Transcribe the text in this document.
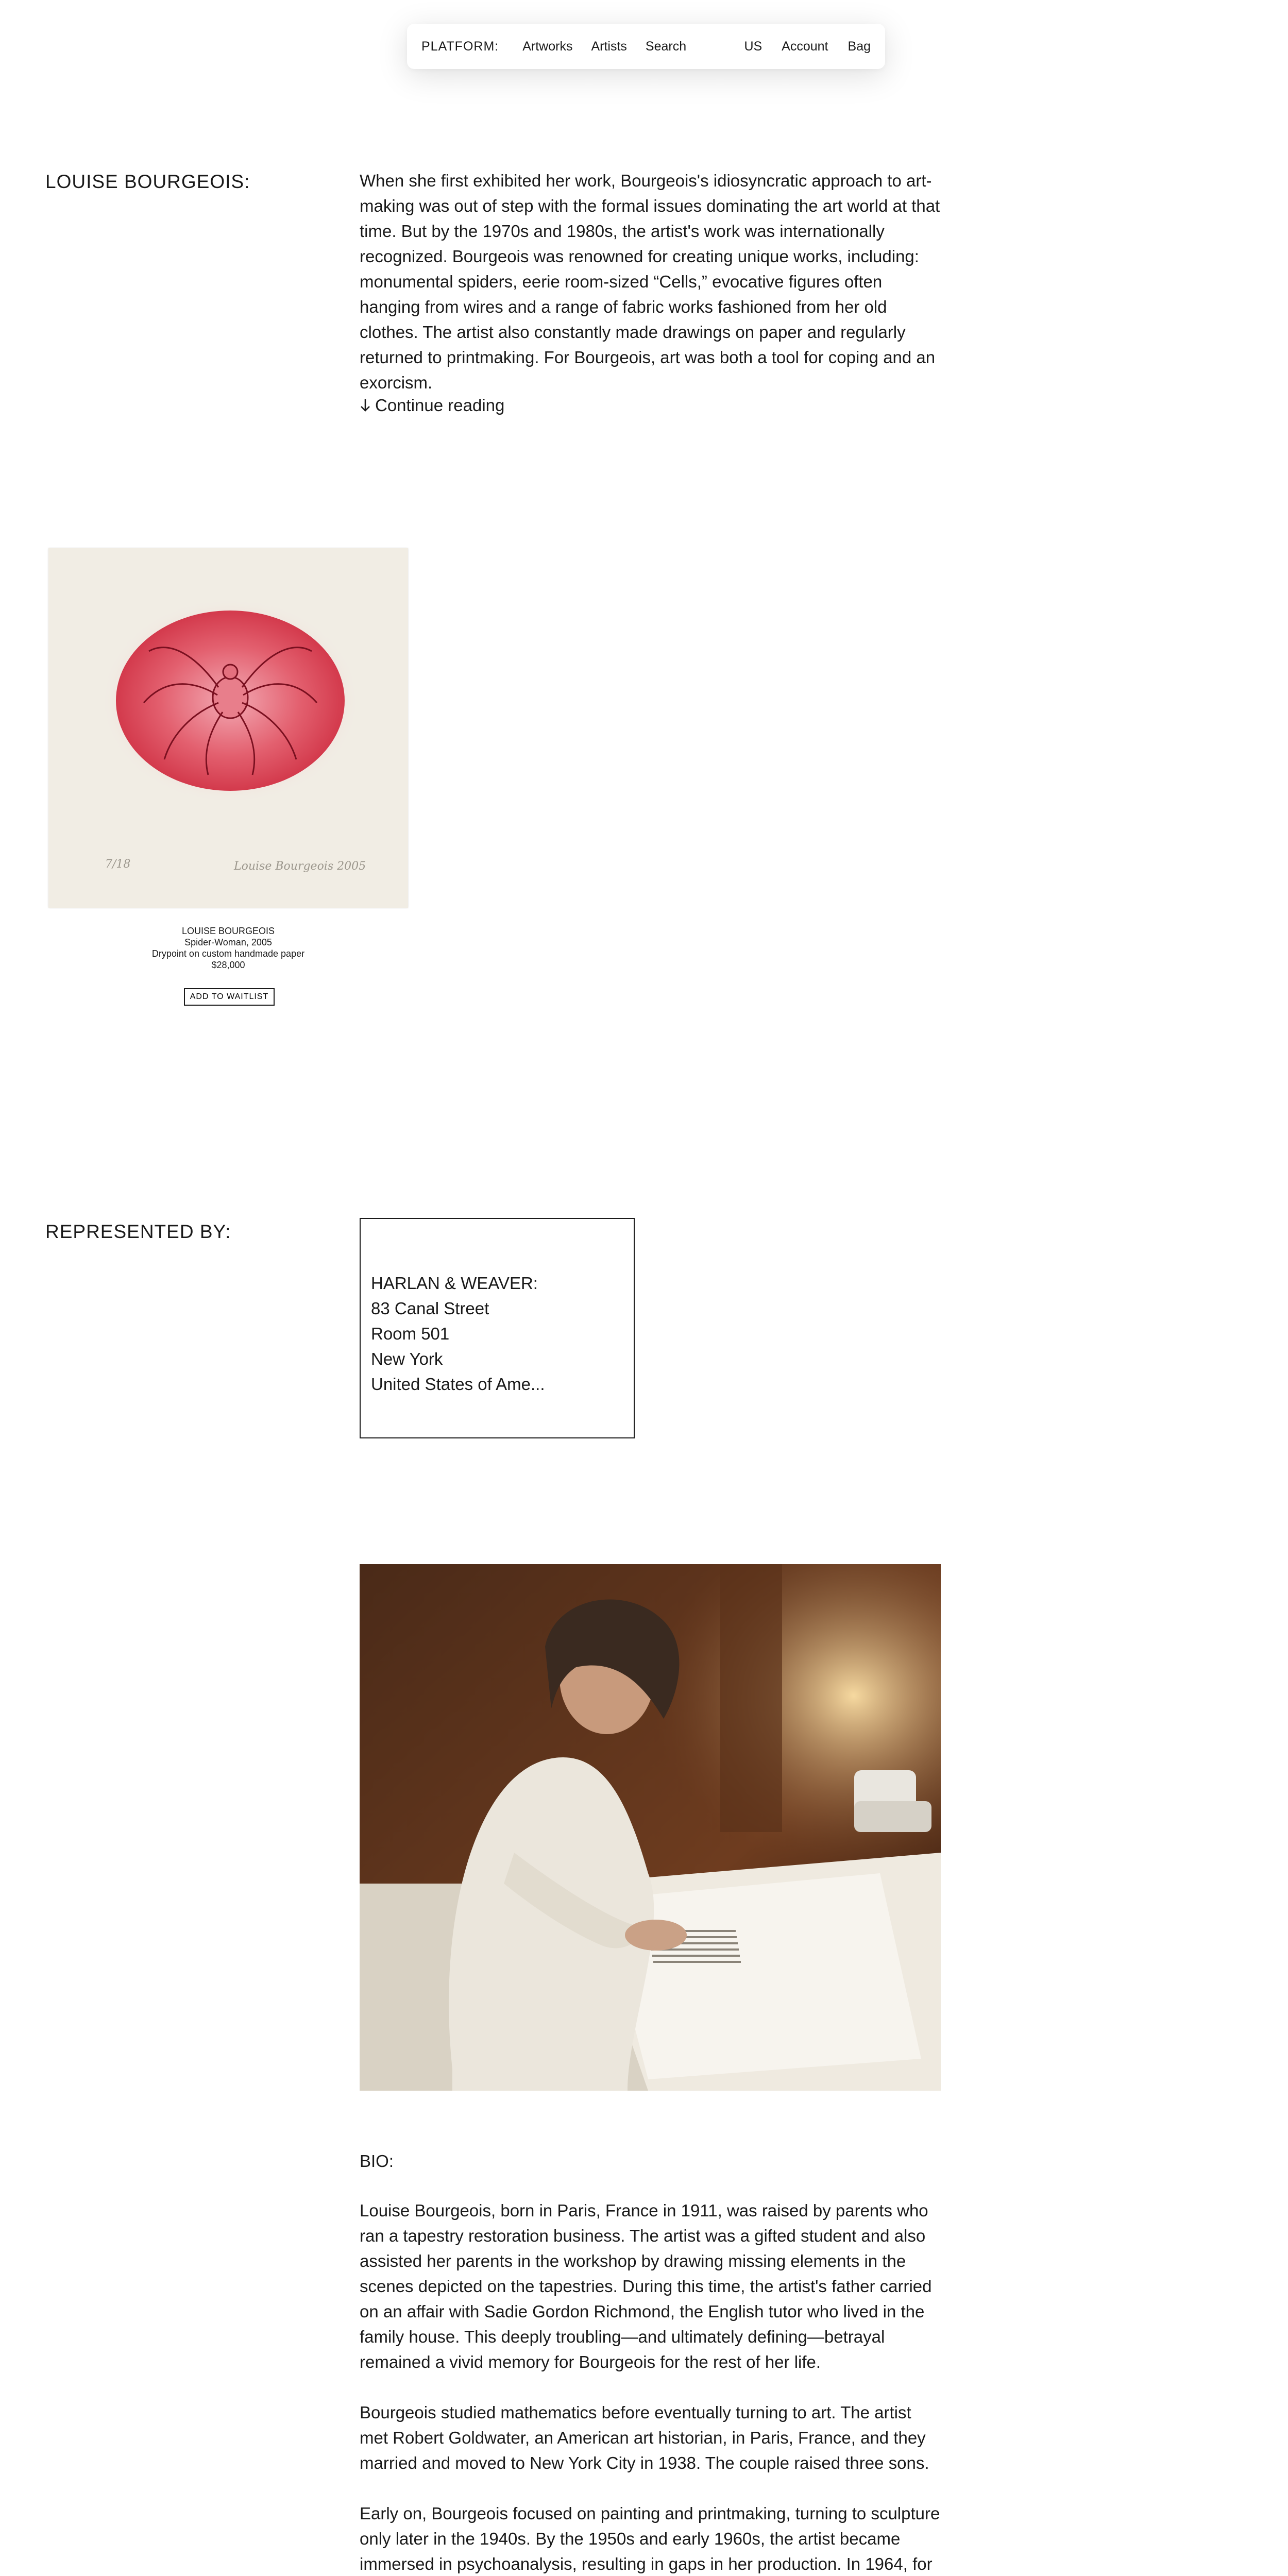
PLATFORM: Artworks Artists Search	US Account Bag
LOUISE BOURGEOIS:	When she first exhibited her work, Bourgeois's idiosyncratic approach to art-making was out of step with the formal issues dominating the art world at that time. But by the 1970s and 1980s, the artist's work was internationally recognized. Bourgeois was renowned for creating unique works, including: monumental spiders, eerie room-sized “Cells,” evocative figures often hanging from wires and a range of fabric works fashioned from her old clothes. The artist also constantly made drawings on paper and regularly returned to printmaking. For Bourgeois, art was both a tool for coping and an exorcism.
Continue reading
7/18	Louise Bourgeois 2005
LOUISE BOURGEOIS
Spider-Woman, 2005
Drypoint on custom handmade paper
$28,000
ADD TO WAITLIST
REPRESENTED BY:
HARLAN & WEAVER:
83 Canal Street
Room 501
New York
United States of Ame...
BIO:

Louise Bourgeois, born in Paris, France in 1911, was raised by parents who ran a tapestry restoration business. The artist was a gifted student and also assisted her parents in the workshop by drawing missing elements in the scenes depicted on the tapestries. During this time, the artist's father carried on an affair with Sadie Gordon Richmond, the English tutor who lived in the family house. This deeply troubling—and ultimately defining—betrayal remained a vivid memory for Bourgeois for the rest of her life.

Bourgeois studied mathematics before eventually turning to art. The artist met Robert Goldwater, an American art historian, in Paris, France, and they married and moved to New York City in 1938. The couple raised three sons.

Early on, Bourgeois focused on painting and printmaking, turning to sculpture only later in the 1940s. By the 1950s and early 1960s, the artist became immersed in psychoanalysis, resulting in gaps in her production. In 1964, for
